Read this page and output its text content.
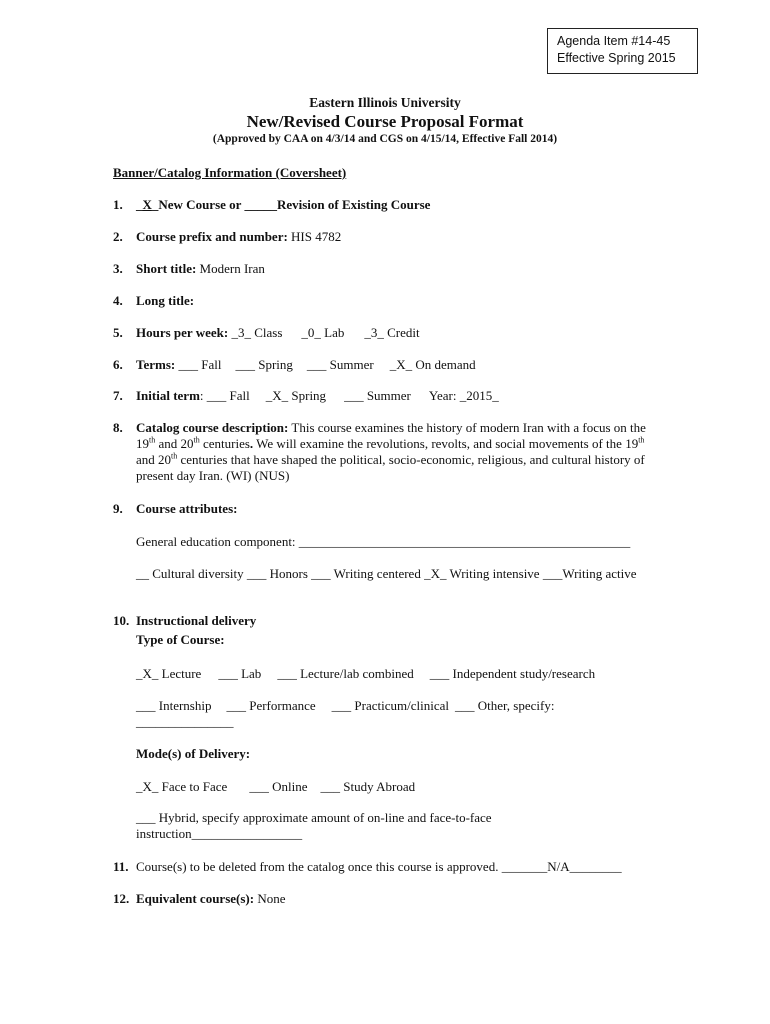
Agenda Item #14-45
Effective Spring 2015
Eastern Illinois University
New/Revised Course Proposal Format
(Approved by CAA on 4/3/14 and CGS on 4/15/14, Effective Fall 2014)
Banner/Catalog Information (Coversheet)
1. _X_New Course or _____Revision of Existing Course
2. Course prefix and number: HIS 4782
3. Short title: Modern Iran
4. Long title:
5. Hours per week: _3_ Class _0_ Lab _3_ Credit
6. Terms: ___ Fall ___ Spring ___ Summer _X_ On demand
7. Initial term: ___ Fall _X_ Spring ___ Summer Year: _2015_
8. Catalog course description: This course examines the history of modern Iran with a focus on the 19th and 20th centuries. We will examine the revolutions, revolts, and social movements of the 19th and 20th centuries that have shaped the political, socio-economic, religious, and cultural history of present day Iran. (WI) (NUS)
9. Course attributes:
General education component: ___________________________________________________
__ Cultural diversity ___ Honors ___ Writing centered _X_ Writing intensive ___Writing active
10. Instructional delivery
Type of Course:
_X_ Lecture ___ Lab ___ Lecture/lab combined ___ Independent study/research
___ Internship ___ Performance ___ Practicum/clinical ___ Other, specify:
_______________
Mode(s) of Delivery:
_X_ Face to Face ___ Online ___ Study Abroad
___ Hybrid, specify approximate amount of on-line and face-to-face instruction_________________
11. Course(s) to be deleted from the catalog once this course is approved. _______N/A________
12. Equivalent course(s): None
